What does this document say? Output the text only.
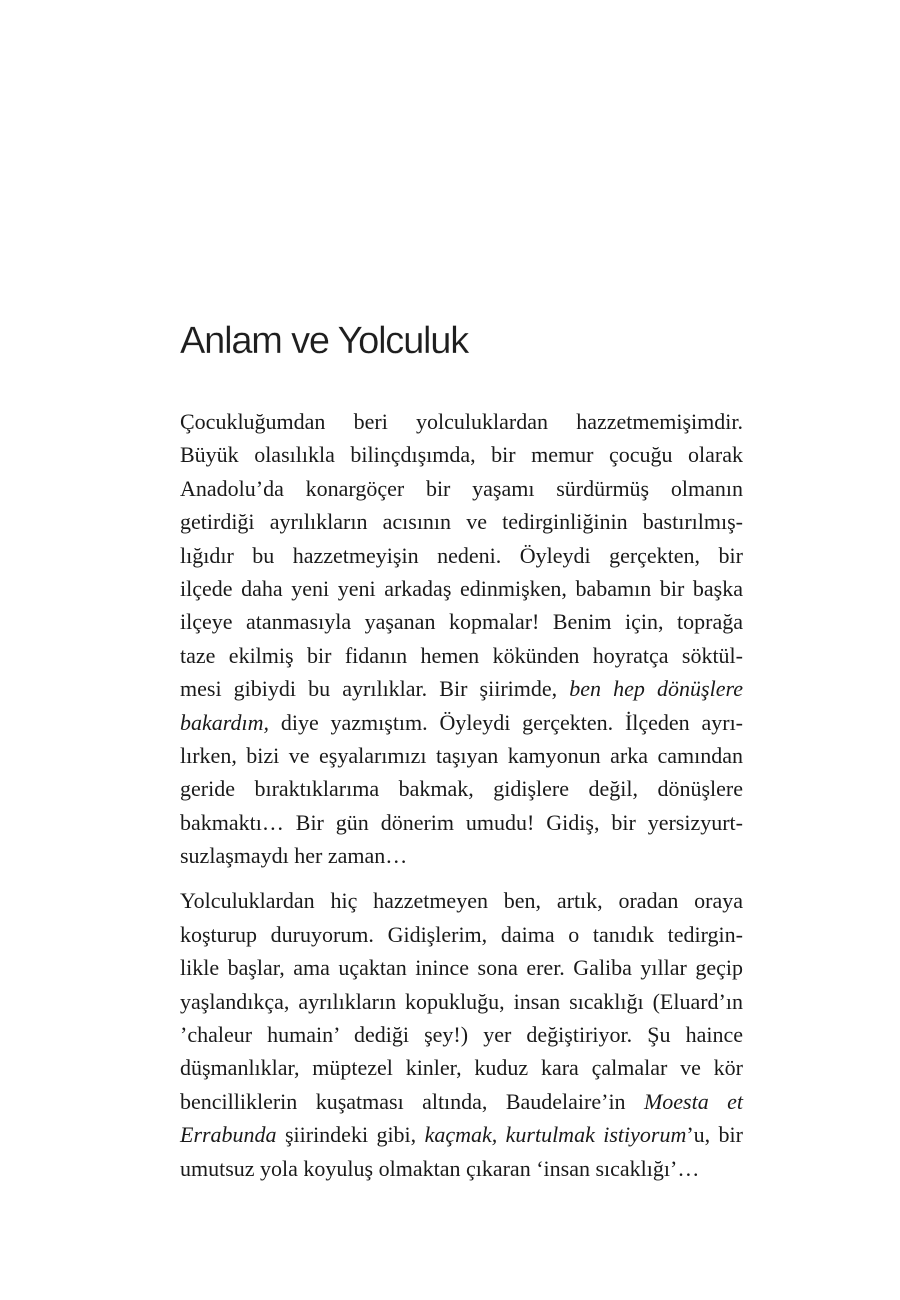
Anlam ve Yolculuk
Çocukluğumdan beri yolculuklardan hazzetmemişimdir.
Büyük olasılıkla bilinçdışımda, bir memur çocuğu olarak
Anadolu’da konargöçer bir yaşamı sürdürmüş olmanın
getirdiği ayrılıkların acısının ve tedirginliğinin bastırılmış-
lığıdır bu hazzetmeyişin nedeni. Öyleydi gerçekten, bir
ilçede daha yeni yeni arkadaş edinmişken, babamın bir başka
ilçeye atanmasıyla yaşanan kopmalar! Benim için, toprağa
taze ekilmiş bir fidanın hemen kökünden hoyratça söktül-
mesi gibiydi bu ayrılıklar. Bir şiirimde, ben hep dönüşlere
bakardım, diye yazmıştım. Öyleydi gerçekten. İlçeden ayrı-
lırken, bizi ve eşyalarımızı taşıyan kamyonun arka camından
geride bıraktıklarıma bakmak, gidişlere değil, dönüşlere
bakmaktı… Bir gün dönerim umudu! Gidiş, bir yersizyurt-
suzlaşmaydı her zaman…
Yolculuklardan hiç hazzetmeyen ben, artık, oradan oraya
koşturup duruyorum. Gidişlerim, daima o tanıdık tedirgin-
likle başlar, ama uçaktan inince sona erer. Galiba yıllar geçip
yaşlandıkça, ayrılıkların kopukluğu, insan sıcaklığı (Eluard’ın
’chaleur humain’ dediği şey!) yer değiştiriyor. Şu haince
düşmanlıklar, müptezel kinler, kuduz kara çalmalar ve kör
bencilliklerin kuşatması altında, Baudelaire’in Moesta et
Errabunda şiirindeki gibi, kaçmak, kurtulmak istiyorum’u, bir
umutsuz yola koyuluş olmaktan çıkaran ‘insan sıcaklığı’…
